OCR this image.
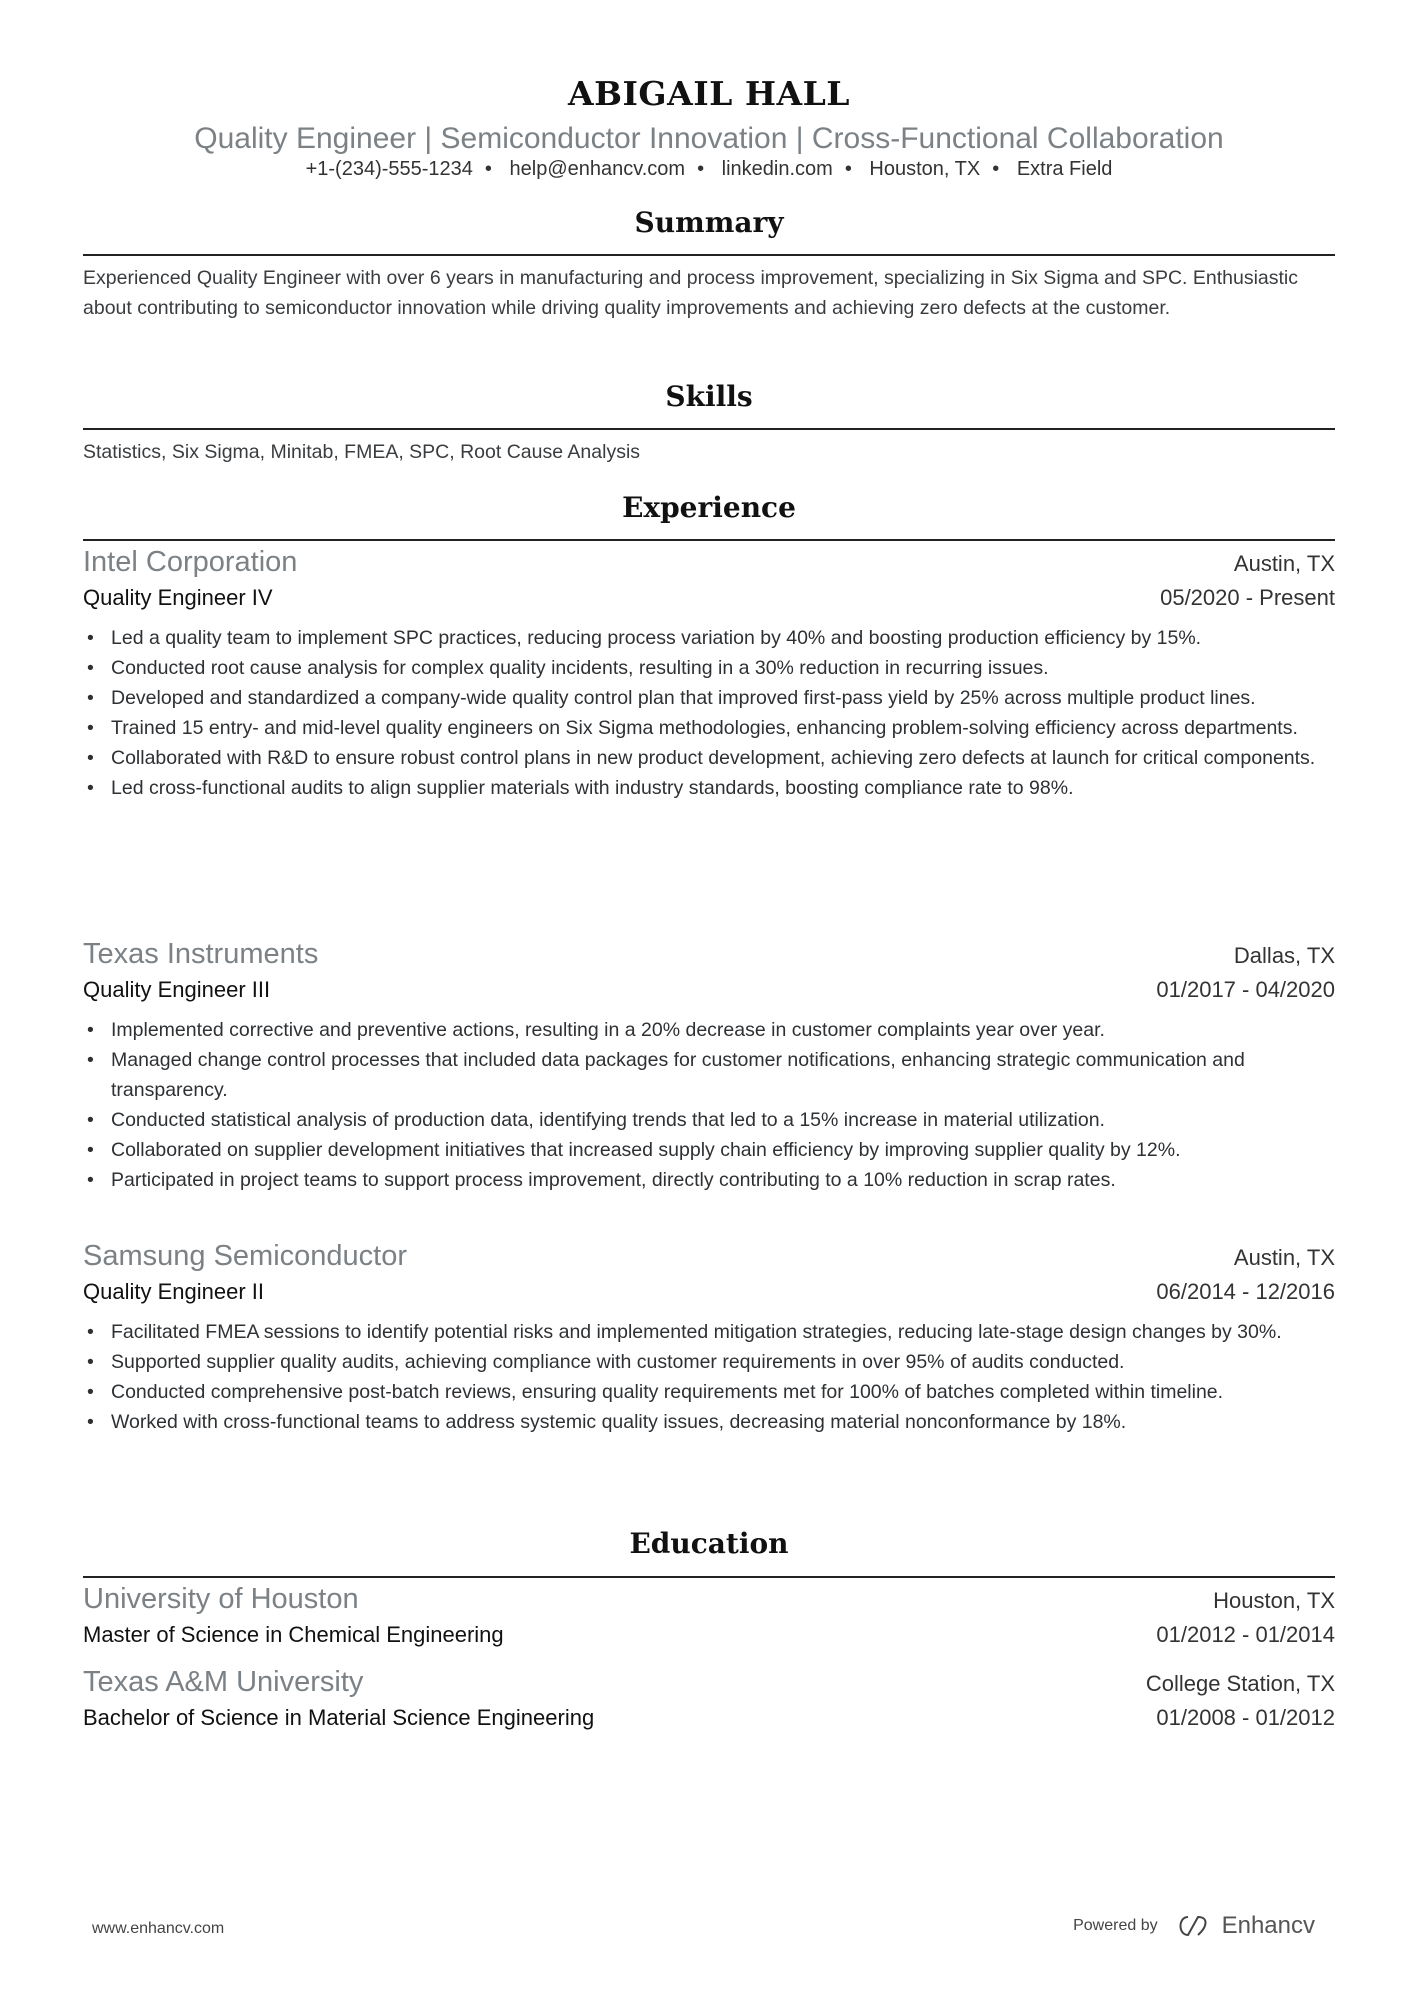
ABIGAIL HALL
Quality Engineer | Semiconductor Innovation | Cross-Functional Collaboration
+1-(234)-555-1234 • help@enhancv.com • linkedin.com • Houston, TX • Extra Field
Summary
Experienced Quality Engineer with over 6 years in manufacturing and process improvement, specializing in Six Sigma and SPC. Enthusiastic about contributing to semiconductor innovation while driving quality improvements and achieving zero defects at the customer.
Skills
Statistics, Six Sigma, Minitab, FMEA, SPC, Root Cause Analysis
Experience
Intel Corporation	Austin, TX
Quality Engineer IV	05/2020 - Present
• Led a quality team to implement SPC practices, reducing process variation by 40% and boosting production efficiency by 15%.
• Conducted root cause analysis for complex quality incidents, resulting in a 30% reduction in recurring issues.
• Developed and standardized a company-wide quality control plan that improved first-pass yield by 25% across multiple product lines.
• Trained 15 entry- and mid-level quality engineers on Six Sigma methodologies, enhancing problem-solving efficiency across departments.
• Collaborated with R&D to ensure robust control plans in new product development, achieving zero defects at launch for critical components.
• Led cross-functional audits to align supplier materials with industry standards, boosting compliance rate to 98%.
Texas Instruments	Dallas, TX
Quality Engineer III	01/2017 - 04/2020
• Implemented corrective and preventive actions, resulting in a 20% decrease in customer complaints year over year.
• Managed change control processes that included data packages for customer notifications, enhancing strategic communication and transparency.
• Conducted statistical analysis of production data, identifying trends that led to a 15% increase in material utilization.
• Collaborated on supplier development initiatives that increased supply chain efficiency by improving supplier quality by 12%.
• Participated in project teams to support process improvement, directly contributing to a 10% reduction in scrap rates.
Samsung Semiconductor	Austin, TX
Quality Engineer II	06/2014 - 12/2016
• Facilitated FMEA sessions to identify potential risks and implemented mitigation strategies, reducing late-stage design changes by 30%.
• Supported supplier quality audits, achieving compliance with customer requirements in over 95% of audits conducted.
• Conducted comprehensive post-batch reviews, ensuring quality requirements met for 100% of batches completed within timeline.
• Worked with cross-functional teams to address systemic quality issues, decreasing material nonconformance by 18%.
Education
University of Houston	Houston, TX
Master of Science in Chemical Engineering	01/2012 - 01/2014
Texas A&M University	College Station, TX
Bachelor of Science in Material Science Engineering	01/2008 - 01/2012
www.enhancv.com	Powered by	Enhancv
